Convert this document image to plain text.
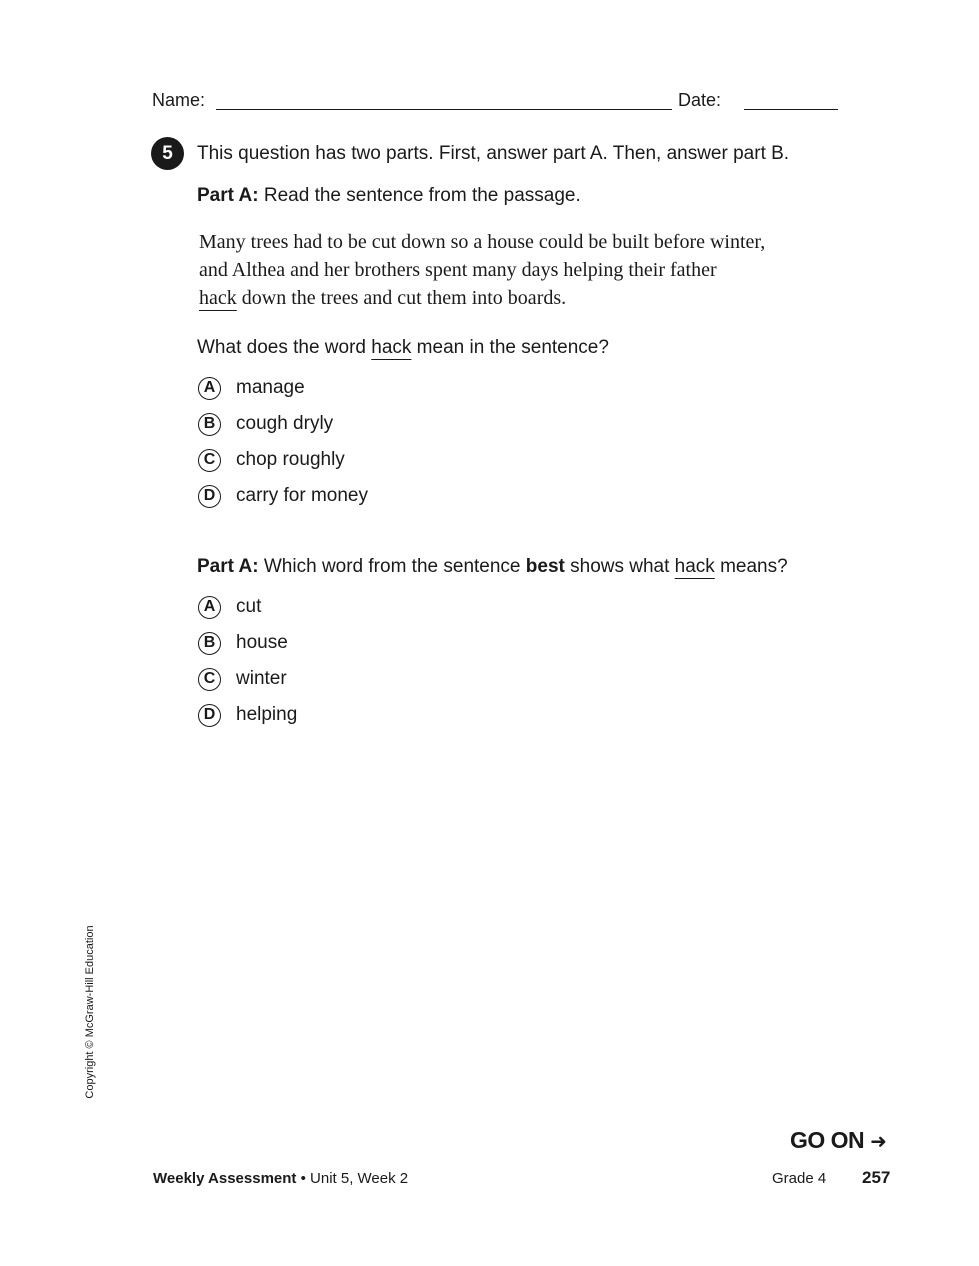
Name:	Date:
5	This question has two parts. First, answer part A. Then, answer part B.
Part A: Read the sentence from the passage.
Many trees had to be cut down so a house could be built before winter,
and Althea and her brothers spent many days helping their father
hack down the trees and cut them into boards.
What does the word hack mean in the sentence?
A	manage
B	cough dryly
C	chop roughly
D	carry for money
Part A: Which word from the sentence best shows what hack means?
A	cut
B	house
C	winter
D	helping
Copyright © McGraw-Hill Education
GO ON ➜
Weekly Assessment • Unit 5, Week 2	Grade 4 257
